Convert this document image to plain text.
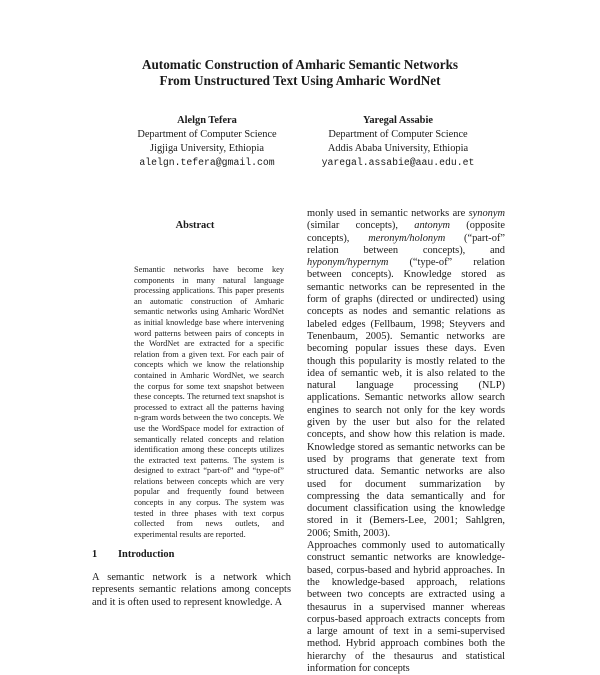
Automatic Construction of Amharic Semantic Networks
From Unstructured Text Using Amharic WordNet
Alelgn Tefera
Department of Computer Science
Jigjiga University, Ethiopia
alelgn.tefera@gmail.com
Yaregal Assabie
Department of Computer Science
Addis Ababa University, Ethiopia
yaregal.assabie@aau.edu.et
Abstract

Semantic networks have become key components in many natural language processing applications. This paper presents an automatic construction of Amharic semantic networks using Amharic WordNet as initial knowledge base where intervening word patterns between pairs of concepts in the WordNet are extracted for a specific relation from a given text. For each pair of concepts which we know the relationship contained in Amharic WordNet, we search the corpus for some text snapshot between these concepts. The returned text snapshot is processed to extract all the patterns having n-gram words between the two concepts. We use the WordSpace model for extraction of semantically related concepts and relation identification among these concepts utilizes the extracted text patterns. The system is designed to extract “part-of” and “type-of” relations between concepts which are very popular and frequently found between concepts in any corpus. The system was tested in three phases with text corpus collected from news outlets, and experimental results are reported.

1 Introduction

A semantic network is a network which represents semantic relations among concepts and it is often used to represent knowledge. A

monly used in semantic networks are synonym (similar concepts), antonym (opposite concepts), meronym/holonym (“part-of” relation between concepts), and hyponym/hypernym (“type-of” relation between concepts). Knowledge stored as semantic networks can be represented in the form of graphs (directed or undirected) using concepts as nodes and semantic relations as labeled edges (Fellbaum, 1998; Steyvers and Tenenbaum, 2005). Semantic networks are becoming popular issues these days. Even though this popularity is mostly related to the idea of semantic web, it is also related to the natural language processing (NLP) applications. Semantic networks allow search engines to search not only for the key words given by the user but also for the related concepts, and show how this relation is made. Knowledge stored as semantic networks can be used by programs that generate text from structured data. Semantic networks are also used for document summarization by compressing the data semantically and for document classification using the knowledge stored in it (Bemers-Lee, 2001; Sahlgren, 2006; Smith, 2003).

Approaches commonly used to automatically construct semantic networks are knowledge-based, corpus-based and hybrid approaches. In the knowledge-based approach, relations between two concepts are extracted using a thesaurus in a supervised manner whereas corpus-based approach extracts concepts from a large amount of text in a semi-supervised method. Hybrid approach combines both the hierarchy of the thesaurus and statistical information for concepts
